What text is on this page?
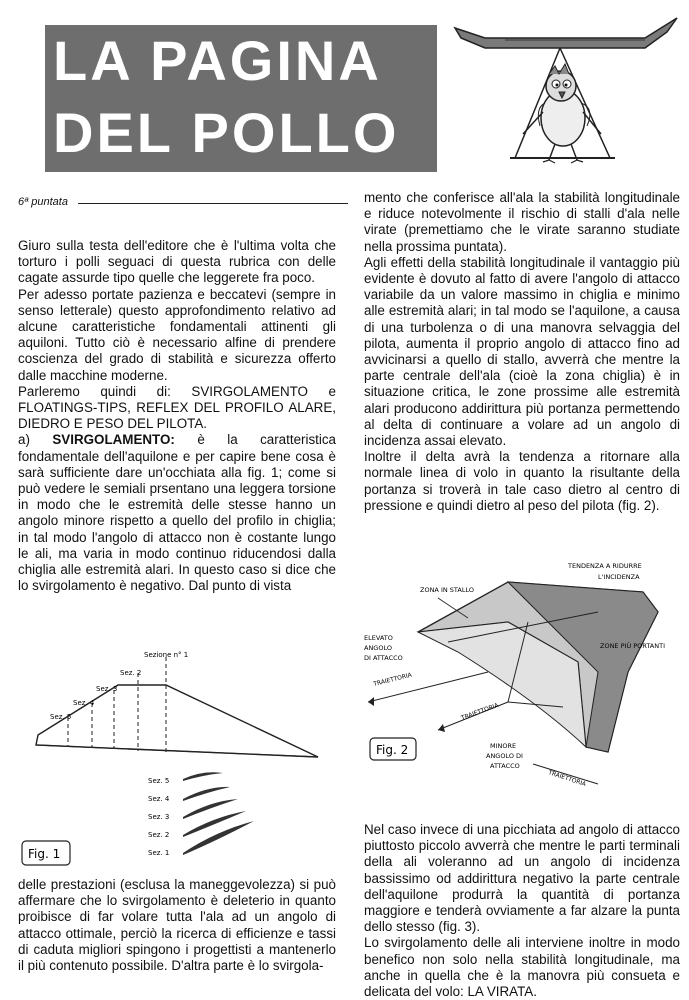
LA PAGINA
DEL POLLO
6ª puntata

Giuro sulla testa dell'editore che è l'ultima volta che torturo i polli seguaci di questa rubrica con delle cagate assurde tipo quelle che leggerete fra poco.

Per adesso portate pazienza e beccatevi (sempre in senso letterale) questo approfondimento relativo ad alcune caratteristiche fondamentali attinenti gli aquiloni. Tutto ciò è necessario alfine di prendere coscienza del grado di stabilità e sicurezza offerto dalle macchine moderne.

Parleremo quindi di: SVIRGOLAMENTO e FLOATINGS-TIPS, REFLEX DEL PROFILO ALARE, DIEDRO E PESO DEL PILOTA.

a) SVIRGOLAMENTO: è la caratteristica fondamentale dell'aquilone e per capire bene cosa è sarà sufficiente dare un'occhiata alla fig. 1; come si può vedere le semiali prsentano una leggera torsione in modo che le estremità delle stesse hanno un angolo minore rispetto a quello del profilo in chiglia; in tal modo l'angolo di attacco non è costante lungo le ali, ma varia in modo continuo riducendosi dalla chiglia alle estremità alari. In questo caso si dice che lo svirgolamento è negativo. Dal punto di vista

Sezione n° 1
Sez. 2
Sez. 3
Sez. 4
Sez. 5
Sez. 5
Sez. 4
Sez. 3
Sez. 2
Sez. 1
Fig. 1

delle prestazioni (esclusa la maneggevolezza) si può affermare che lo svirgolamento è deleterio in quanto proibisce di far volare tutta l'ala ad un angolo di attacco ottimale, perciò la ricerca di efficienze e tassi di caduta migliori spingono i progettisti a mantenerlo il più contenuto possibile. D'altra parte è lo svirgola-

mento che conferisce all'ala la stabilità longitudinale e riduce notevolmente il rischio di stalli d'ala nelle virate (premettiamo che le virate saranno studiate nella prossima puntata).

Agli effetti della stabilità longitudinale il vantaggio più evidente è dovuto al fatto di avere l'angolo di attacco variabile da un valore massimo in chiglia e minimo alle estremità alari; in tal modo se l'aquilone, a causa di una turbolenza o di una manovra selvaggia del pilota, aumenta il proprio angolo di attacco fino ad avvicinarsi a quello di stallo, avverrà che mentre la parte centrale dell'ala (cioè la zona chiglia) è in situazione critica, le zone prossime alle estremità alari producono addirittura più portanza permettendo al delta di continuare a volare ad un angolo di incidenza assai elevato.

Inoltre il delta avrà la tendenza a ritornare alla normale linea di volo in quanto la risultante della portanza si troverà in tale caso dietro al centro di pressione e quindi dietro al peso del pilota (fig. 2).

TENDENZA A RIDURRE
L'INCIDENZA
ZONA IN STALLO
ELEVATO
ANGOLO
DI ATTACCO
TRAIETTORIA
TRAIETTORIA
ZONE PIÙ PORTANTI
MINORE
ANGOLO DI
ATTACCO
TRAIETTORIA
Fig. 2

Nel caso invece di una picchiata ad angolo di attacco piuttosto piccolo avverrà che mentre le parti terminali della ali voleranno ad un angolo di incidenza bassissimo od addirittura negativo la parte centrale dell'aquilone produrrà la quantità di portanza maggiore e tenderà ovviamente a far alzare la punta dello stesso (fig. 3).

Lo svirgolamento delle ali interviene inoltre in modo benefico non solo nella stabilità longitudinale, ma anche in quella che è la manovra più consueta e delicata del volo: LA VIRATA.
